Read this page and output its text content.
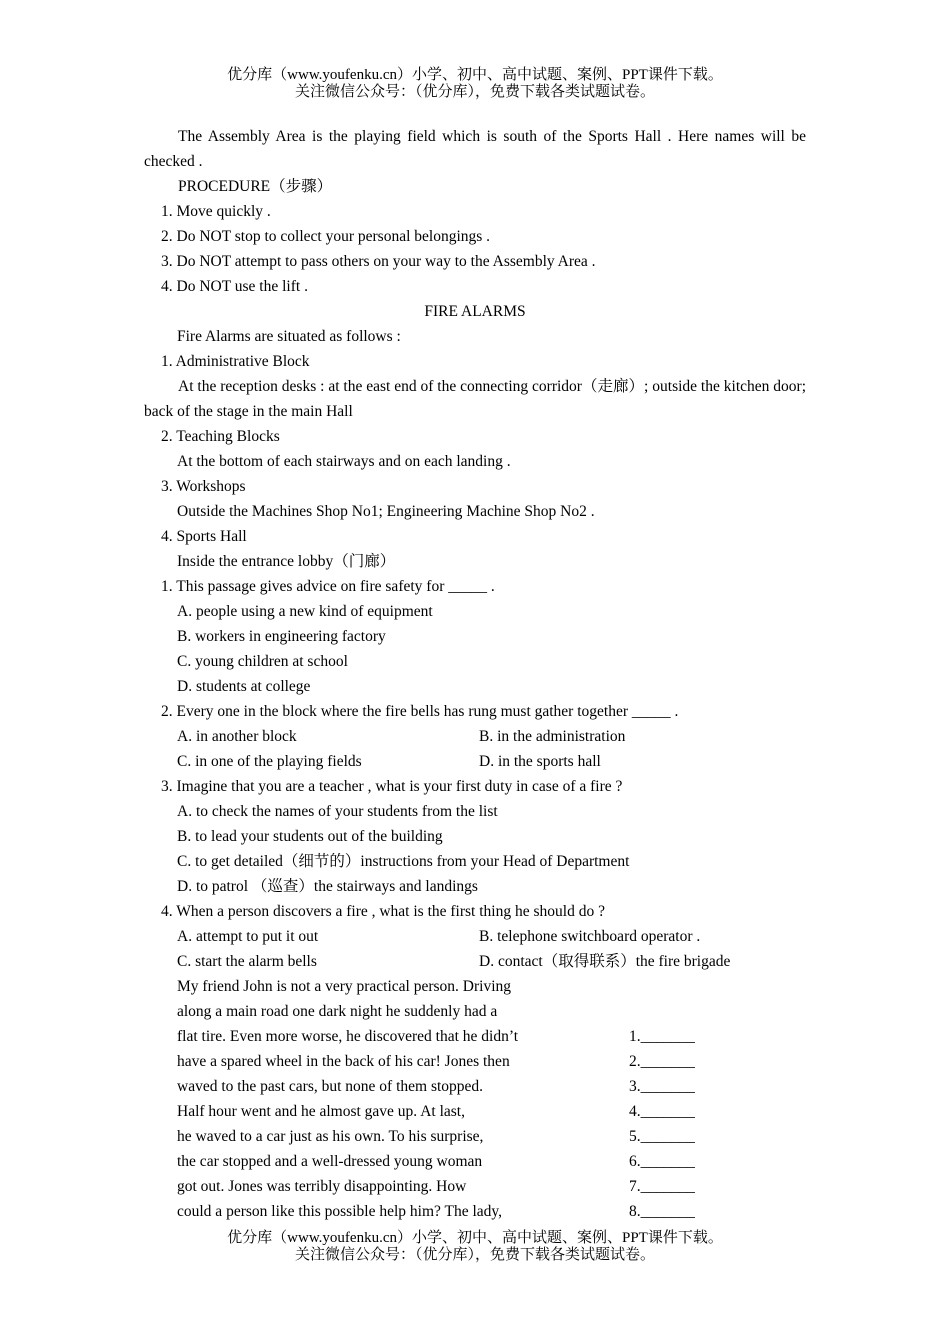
优分库（www.youfenku.cn）小学、初中、高中试题、案例、PPT课件下载。
关注微信公众号：（优分库），免费下载各类试题试卷。
The Assembly Area is the playing field which is south of the Sports Hall . Here names will be checked .
PROCEDURE（步骤）
1. Move quickly .
2. Do NOT stop to collect your personal belongings .
3. Do NOT attempt to pass others on your way to the Assembly Area .
4. Do NOT use the lift .
FIRE ALARMS
Fire Alarms are situated as follows :
1. Administrative Block
At the reception desks : at the east end of the connecting corridor（走廊）; outside the kitchen door; back of the stage in the main Hall
2. Teaching Blocks
At the bottom of each stairways and on each landing .
3. Workshops
Outside the Machines Shop No1; Engineering Machine Shop No2 .
4. Sports Hall
Inside the entrance lobby（门廊）
1. This passage gives advice on fire safety for _____ .
A. people using a new kind of equipment
B. workers in engineering factory
C. young children at school
D. students at college
2. Every one in the block where the fire bells has rung must gather together _____ .
A. in another block	B. in the administration
C. in one of the playing fields	D. in the sports hall
3. Imagine that you are a teacher , what is your first duty in case of a fire ?
A. to check the names of your students from the list
B. to lead your students out of the building
C. to get detailed（细节的）instructions from your Head of Department
D. to patrol （巡查）the stairways and landings
4. When a person discovers a fire , what is the first thing he should do ?
A. attempt to put it out	B. telephone switchboard operator .
C. start the alarm bells	D. contact（取得联系）the fire brigade
My friend John is not a very practical person. Driving
along a main road one dark night he suddenly had a
flat tire. Even more worse, he discovered that he didn’t
have a spared wheel in the back of his car! Jones then
waved to the past cars, but none of them stopped.
Half hour went and he almost gave up. At last,
he waved to a car just as his own. To his surprise,
the car stopped and a well-dressed young woman
got out. Jones was terribly disappointing. How
could a person like this possible help him? The lady,
1._______
2._______
3._______
4._______
5._______
6._______
7._______
8._______
优分库（www.youfenku.cn）小学、初中、高中试题、案例、PPT课件下载。
关注微信公众号：（优分库），免费下载各类试题试卷。
